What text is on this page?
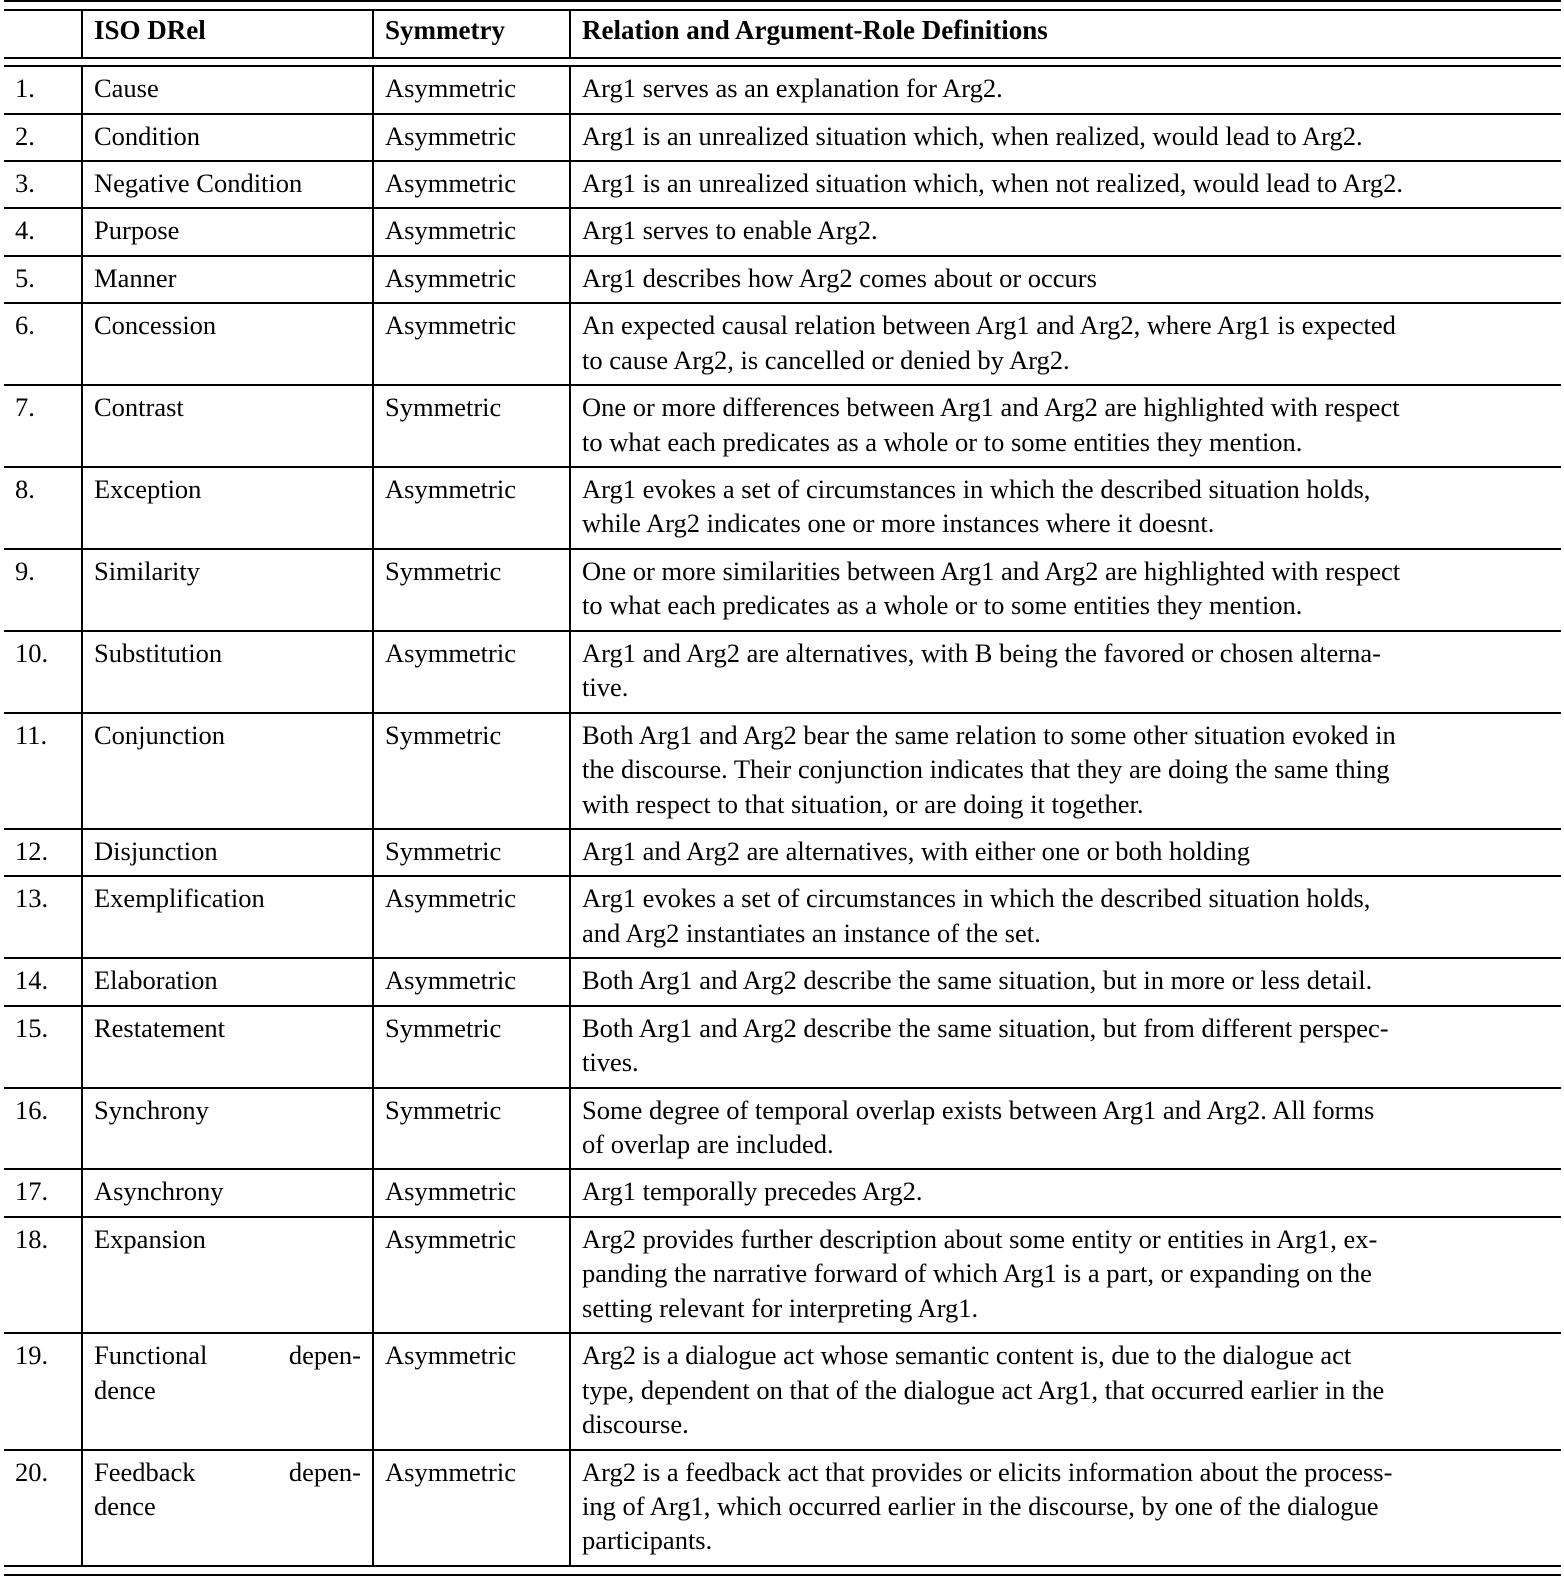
	ISO DRel	Symmetry	Relation and Argument-Role Definitions

1.	Cause	Asymmetric	Arg1 serves as an explanation for Arg2.

2.	Condition	Asymmetric	Arg1 is an unrealized situation which, when realized, would lead to Arg2.

3.	Negative Condition	Asymmetric	Arg1 is an unrealized situation which, when not realized, would lead to Arg2.

4.	Purpose	Asymmetric	Arg1 serves to enable Arg2.

5.	Manner	Asymmetric	Arg1 describes how Arg2 comes about or occurs

6.	Concession	Asymmetric	An expected causal relation between Arg1 and Arg2, where Arg1 is expected
to cause Arg2, is cancelled or denied by Arg2.

7.	Contrast	Symmetric	One or more differences between Arg1 and Arg2 are highlighted with respect
to what each predicates as a whole or to some entities they mention.

8.	Exception	Asymmetric	Arg1 evokes a set of circumstances in which the described situation holds,
while Arg2 indicates one or more instances where it doesnt.

9.	Similarity	Symmetric	One or more similarities between Arg1 and Arg2 are highlighted with respect
to what each predicates as a whole or to some entities they mention.

10.	Substitution	Asymmetric	Arg1 and Arg2 are alternatives, with B being the favored or chosen alterna-
tive.

11.	Conjunction	Symmetric	Both Arg1 and Arg2 bear the same relation to some other situation evoked in
the discourse. Their conjunction indicates that they are doing the same thing
with respect to that situation, or are doing it together.

12.	Disjunction	Symmetric	Arg1 and Arg2 are alternatives, with either one or both holding

13.	Exemplification	Asymmetric	Arg1 evokes a set of circumstances in which the described situation holds,
and Arg2 instantiates an instance of the set.

14.	Elaboration	Asymmetric	Both Arg1 and Arg2 describe the same situation, but in more or less detail.

15.	Restatement	Symmetric	Both Arg1 and Arg2 describe the same situation, but from different perspec-
tives.

16.	Synchrony	Symmetric	Some degree of temporal overlap exists between Arg1 and Arg2. All forms
of overlap are included.

17.	Asynchrony	Asymmetric	Arg1 temporally precedes Arg2.

18.	Expansion	Asymmetric	Arg2 provides further description about some entity or entities in Arg1, ex-
panding the narrative forward of which Arg1 is a part, or expanding on the
setting relevant for interpreting Arg1.

19.	Functional depen-
dence	Asymmetric	Arg2 is a dialogue act whose semantic content is, due to the dialogue act
type, dependent on that of the dialogue act Arg1, that occurred earlier in the
discourse.

20.	Feedback depen-
dence	Asymmetric	Arg2 is a feedback act that provides or elicits information about the process-
ing of Arg1, which occurred earlier in the discourse, by one of the dialogue
participants.
